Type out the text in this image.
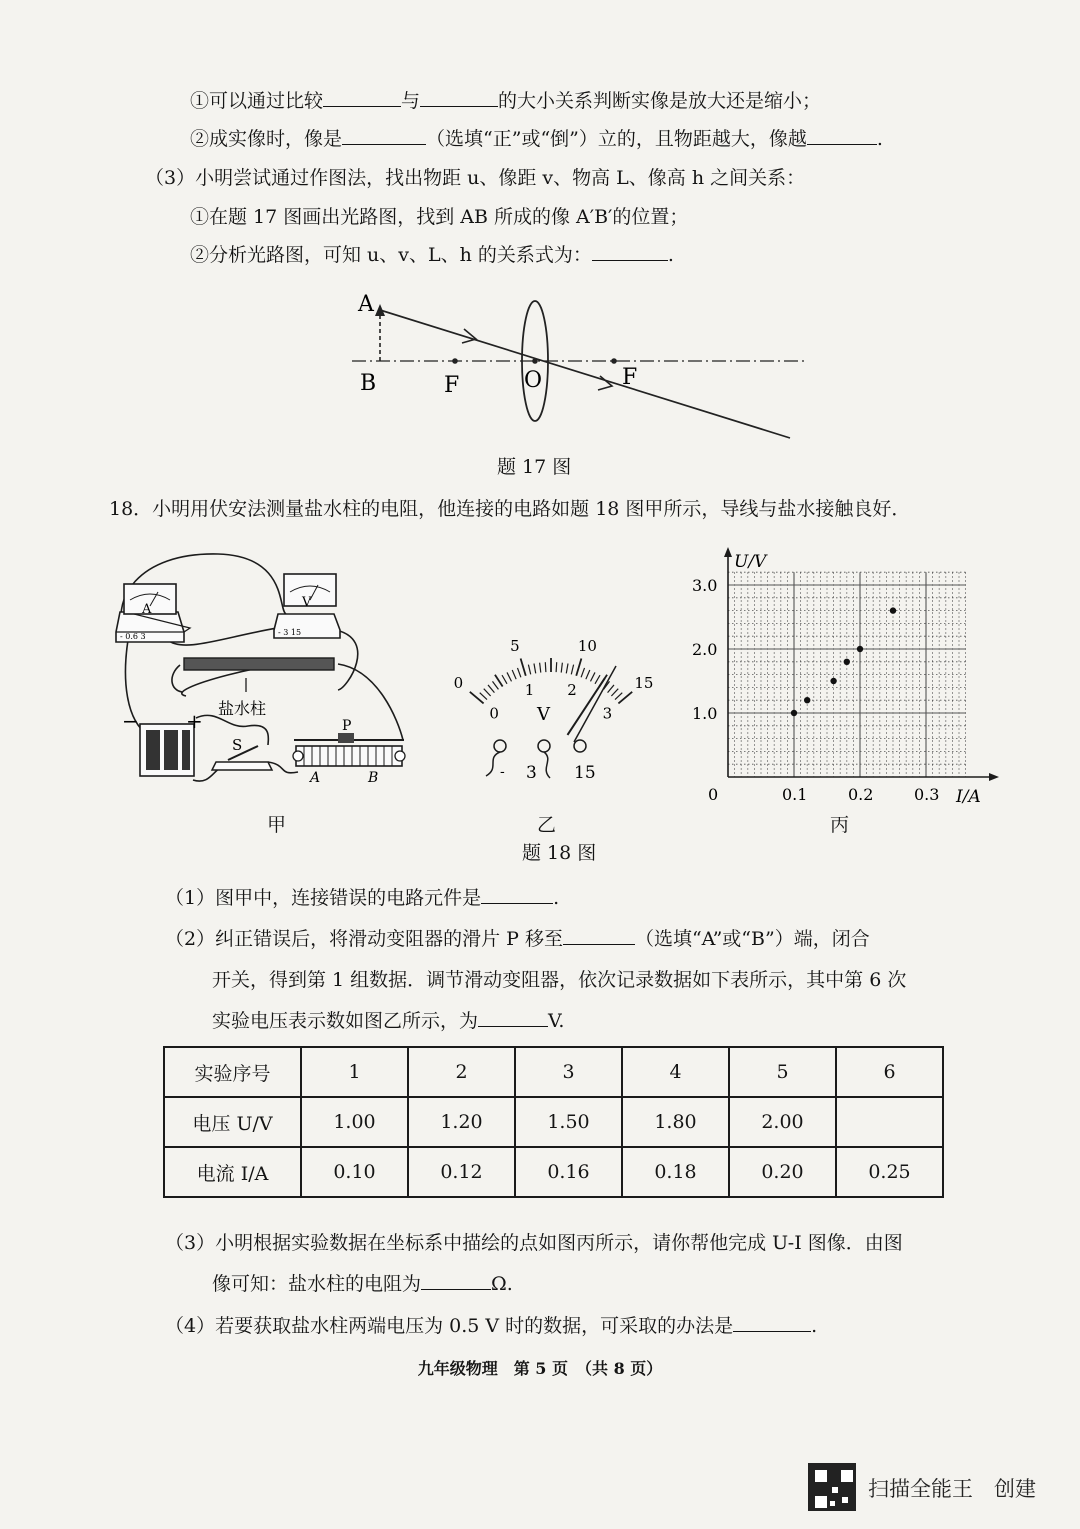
①可以通过比较	与	的大小关系判断实像是放大还是缩小；
②成实像时，像是	（选填“正”或“倒”）立的，且物距越大，像越	.
（3）小明尝试通过作图法，找出物距 u、像距 v、物高 L、像高 h 之间关系：
①在题 17 图画出光路图，找到 AB 所成的像 A′B′的位置；
②分析光路图，可知 u、v、L、h 的关系式为：	.
A
B	F	O	F
题 17 图
18．小明用伏安法测量盐水柱的电阻，他连接的电路如题 18 图甲所示，导线与盐水接触良好．
A
- 0.6 3
V
- 3 15
盐水柱
− +
S
P
A	B
甲
0
5	10
15
0
1 2
3
V
- 3 15
乙
题 18 图
0.1	0.2	0.3
1.0
2.0
3.0
U/V
I/A
0
丙
（1）图甲中，连接错误的电路元件是	.
（2）纠正错误后，将滑动变阻器的滑片 P 移至	（选填“A”或“B”）端，闭合
开关，得到第 1 组数据．调节滑动变阻器，依次记录数据如下表所示，其中第 6 次
实验电压表示数如图乙所示，为	V.
实验序号	1	2	3	4	5	6
电压 U/V	1.00	1.20	1.50	1.80	2.00	
电流 I/A	0.10	0.12	0.16	0.18	0.20	0.25
（3）小明根据实验数据在坐标系中描绘的点如图丙所示，请你帮他完成 U-I 图像．由图
像可知：盐水柱的电阻为	Ω.
（4）若要获取盐水柱两端电压为 0.5 V 时的数据，可采取的办法是	.
九年级物理　第 5 页　（共 8 页）
扫描全能王　创建
